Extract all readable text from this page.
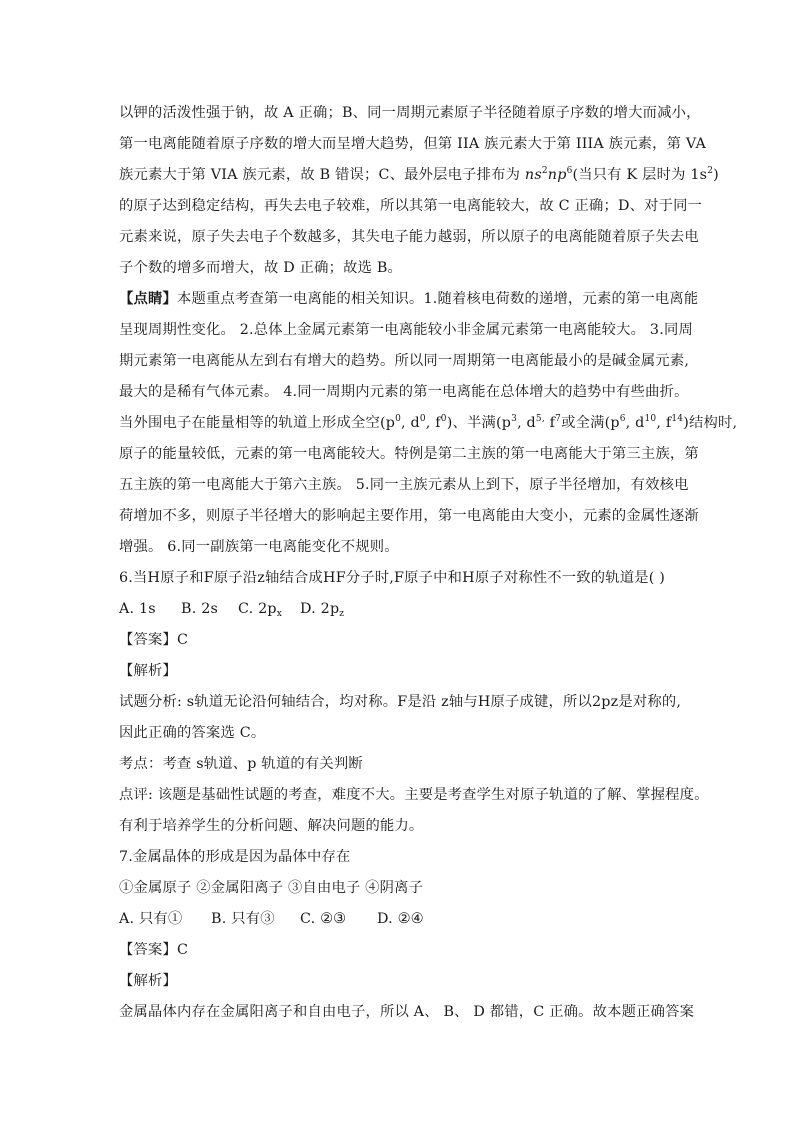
以钾的活泼性强于钠，故 A 正确；B、同一周期元素原子半径随着原子序数的增大而减小，
第一电离能随着原子序数的增大而呈增大趋势，但第 IIA 族元素大于第 IIIA 族元素，第 VA
族元素大于第 VIA 族元素，故 B 错误；C、最外层电子排布为 $ns^2np^6$(当只有 K 层时为 $1s^2$)
的原子达到稳定结构，再失去电子较难，所以其第一电离能较大，故 C 正确；D、对于同一
元素来说，原子失去电子个数越多，其失电子能力越弱，所以原子的电离能随着原子失去电
子个数的增多而增大，故 D 正确；故选 B。
【点睛】本题重点考查第一电离能的相关知识。1.随着核电荷数的递增，元素的第一电离能
呈现周期性变化。 2.总体上金属元素第一电离能较小非金属元素第一电离能较大。 3.同周
期元素第一电离能从左到右有增大的趋势。所以同一周期第一电离能最小的是碱金属元素,
最大的是稀有气体元素。 4.同一周期内元素的第一电离能在总体增大的趋势中有些曲折。
当外围电子在能量相等的轨道上形成全空($p^0$, $d^0$, $f^0$)、半满($p^3$, $d^{5,}$ $f^7$或全满($p^6$, $d^{10}$, $f^{14}$)结构时,
原子的能量较低，元素的第一电离能较大。特例是第二主族的第一电离能大于第三主族，第
五主族的第一电离能大于第六主族。 5.同一主族元素从上到下，原子半径增加，有效核电
荷增加不多，则原子半径增大的影响起主要作用，第一电离能由大变小，元素的金属性逐渐
增强。 6.同一副族第一电离能变化不规则。
6.当H原子和F原子沿z轴结合成HF分子时,F原子中和H原子对称性不一致的轨道是( )
A. 1s B. 2s C. $2p_x$ D. $2p_z$
【答案】C
【解析】
试题分析: s轨道无论沿何轴结合，均对称。F是沿 z轴与H原子成键，所以2pz是对称的,
因此正确的答案选 C。
考点：考查 s轨道、p 轨道的有关判断
点评: 该题是基础性试题的考查，难度不大。主要是考查学生对原子轨道的了解、掌握程度。
有利于培养学生的分析问题、解决问题的能力。
7.金属晶体的形成是因为晶体中存在
①金属原子 ②金属阳离子 ③自由电子 ④阴离子
A. 只有① B. 只有③ C. ②③ D. ②④
【答案】C
【解析】
金属晶体内存在金属阳离子和自由电子，所以 A、 B、 D 都错，C 正确。故本题正确答案
